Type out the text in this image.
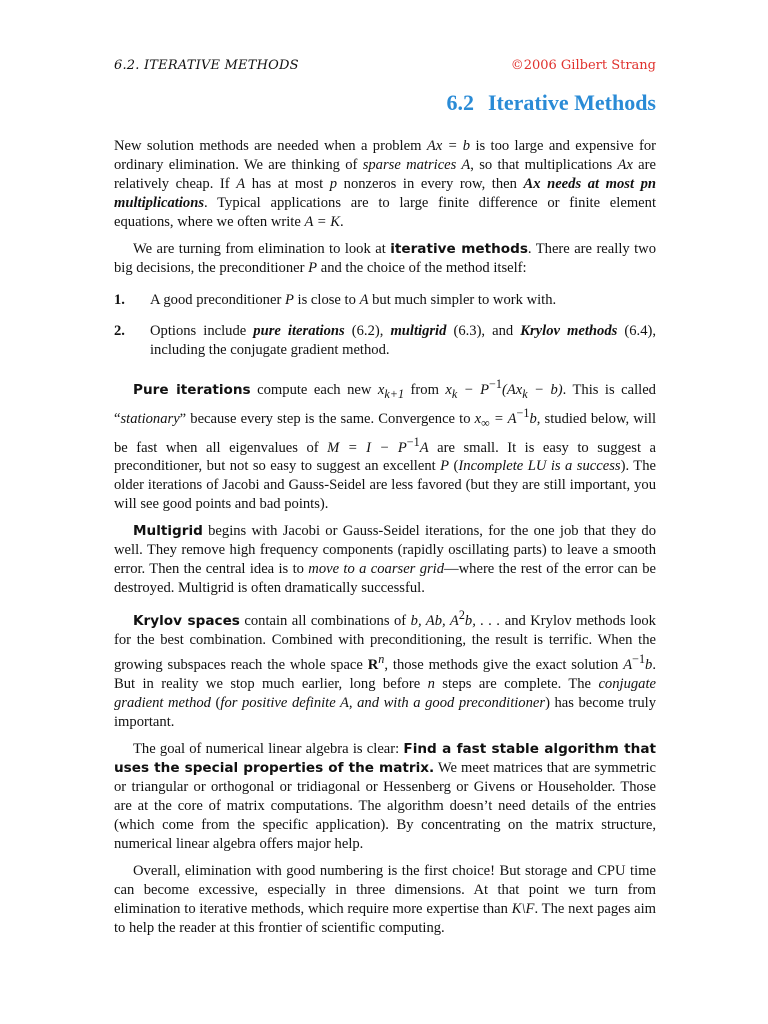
6.2. ITERATIVE METHODS	©2006 Gilbert Strang
6.2 Iterative Methods

New solution methods are needed when a problem Ax = b is too large and expensive for ordinary elimination. We are thinking of sparse matrices A, so that multiplications Ax are relatively cheap. If A has at most p nonzeros in every row, then Ax needs at most pn multiplications. Typical applications are to large finite difference or finite element equations, where we often write A = K.

We are turning from elimination to look at iterative methods. There are really two big decisions, the preconditioner P and the choice of the method itself:

1.	A good preconditioner P is close to A but much simpler to work with.
2.	Options include pure iterations (6.2), multigrid (6.3), and Krylov methods (6.4), including the conjugate gradient method.

Pure iterations compute each new $x_{k+1}$ from $x_k - P^{-1}(Ax_k - b)$. This is called “stationary” because every step is the same. Convergence to $x_\infty = A^{-1}b$, studied below, will be fast when all eigenvalues of $M = I - P^{-1}A$ are small. It is easy to suggest a preconditioner, but not so easy to suggest an excellent P (Incomplete LU is a success). The older iterations of Jacobi and Gauss-Seidel are less favored (but they are still important, you will see good points and bad points).

Multigrid begins with Jacobi or Gauss-Seidel iterations, for the one job that they do well. They remove high frequency components (rapidly oscillating parts) to leave a smooth error. Then the central idea is to move to a coarser grid—where the rest of the error can be destroyed. Multigrid is often dramatically successful.

Krylov spaces contain all combinations of b, Ab, $A^2b$, . . . and Krylov methods look for the best combination. Combined with preconditioning, the result is terrific. When the growing subspaces reach the whole space $R^n$, those methods give the exact solution $A^{-1}b$. But in reality we stop much earlier, long before n steps are complete. The conjugate gradient method (for positive definite A, and with a good preconditioner) has become truly important.

The goal of numerical linear algebra is clear: Find a fast stable algorithm that uses the special properties of the matrix. We meet matrices that are symmetric or triangular or orthogonal or tridiagonal or Hessenberg or Givens or Householder. Those are at the core of matrix computations. The algorithm doesn’t need details of the entries (which come from the specific application). By concentrating on the matrix structure, numerical linear algebra offers major help.

Overall, elimination with good numbering is the first choice! But storage and CPU time can become excessive, especially in three dimensions. At that point we turn from elimination to iterative methods, which require more expertise than K\F. The next pages aim to help the reader at this frontier of scientific computing.
